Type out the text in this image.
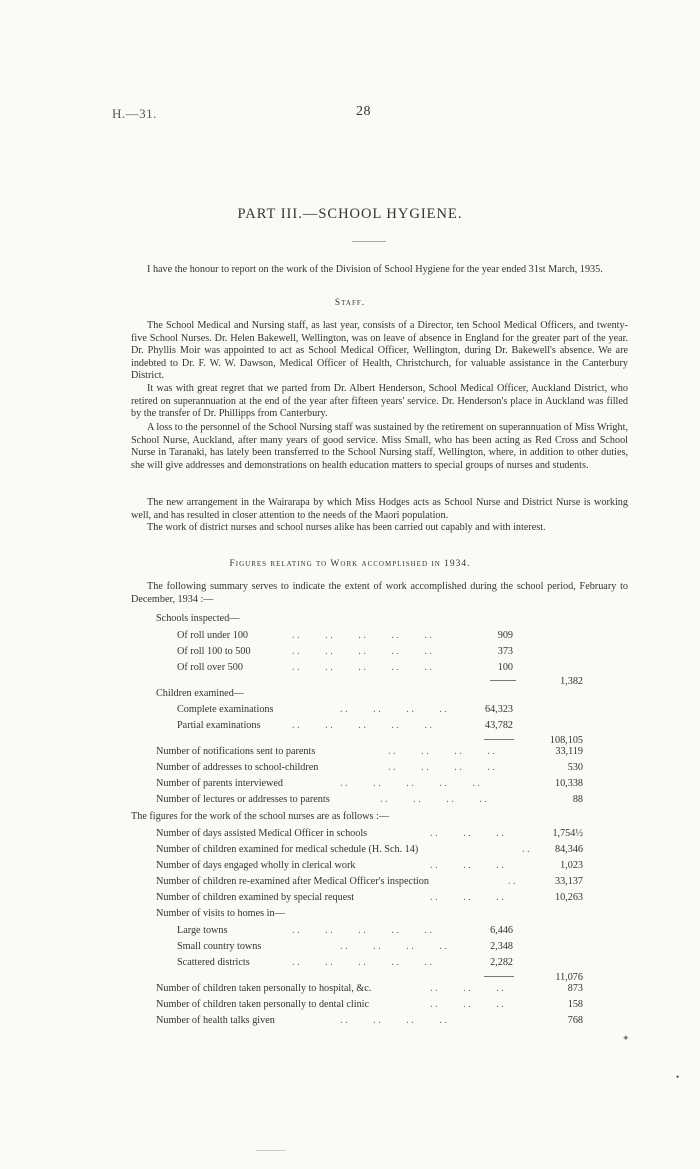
H.—31.	28
PART III.—SCHOOL HYGIENE.
I have the honour to report on the work of the Division of School Hygiene for the year ended 31st March, 1935.
Staff.
The School Medical and Nursing staff, as last year, consists of a Director, ten School Medical Officers, and twenty-five School Nurses. Dr. Helen Bakewell, Wellington, was on leave of absence in England for the greater part of the year. Dr. Phyllis Moir was appointed to act as School Medical Officer, Wellington, during Dr. Bakewell's absence. We are indebted to Dr. F. W. W. Dawson, Medical Officer of Health, Christchurch, for valuable assistance in the Canterbury District.
It was with great regret that we parted from Dr. Albert Henderson, School Medical Officer, Auckland District, who retired on superannuation at the end of the year after fifteen years' service. Dr. Henderson's place in Auckland was filled by the transfer of Dr. Phillipps from Canterbury.
A loss to the personnel of the School Nursing staff was sustained by the retirement on superannuation of Miss Wright, School Nurse, Auckland, after many years of good service. Miss Small, who has been acting as Red Cross and School Nurse in Taranaki, has lately been transferred to the School Nursing staff, Wellington, where, in addition to other duties, she will give addresses and demonstrations on health education matters to special groups of nurses and students.
The new arrangement in the Wairarapa by which Miss Hodges acts as School Nurse and District Nurse is working well, and has resulted in closer attention to the needs of the Maori population.
The work of district nurses and school nurses alike has been carried out capably and with interest.
Figures relating to Work accomplished in 1934.
The following summary serves to indicate the extent of work accomplished during the school period, February to December, 1934 :—
Schools inspected—
Of roll under 100	. .          . .          . .          . .          . .	909
Of roll 100 to 500	. .          . .          . .          . .          . .	373
Of roll over 500	. .          . .          . .          . .          . .	100
1,382
Children examined—
Complete examinations	. .          . .          . .          . .	64,323
Partial examinations	. .          . .          . .          . .          . .	43,782
108,105
Number of notifications sent to parents	. .          . .          . .          . .	33,119
Number of addresses to school-children	. .          . .          . .          . .	530
Number of parents interviewed	. .          . .          . .          . .          . .	10,338
Number of lectures or addresses to parents	. .          . .          . .          . .	88
The figures for the work of the school nurses are as follows :—
Number of days assisted Medical Officer in schools	. .          . .          . .	1,754½
Number of children examined for medical schedule (H. Sch. 14)	. .	84,346
Number of days engaged wholly in clerical work	. .          . .          . .	1,023
Number of children re-examined after Medical Officer's inspection	. .	33,137
Number of children examined by special request	. .          . .          . .	10,263
Number of visits to homes in—
Large towns	. .          . .          . .          . .          . .	6,446
Small country towns	. .          . .          . .          . .	2,348
Scattered districts	. .          . .          . .          . .          . .	2,282
11,076
Number of children taken personally to hospital, &c.	. .          . .          . .	873
Number of children taken personally to dental clinic	. .          . .          . .	158
Number of health talks given	. .          . .          . .          . .	768
✦
•
